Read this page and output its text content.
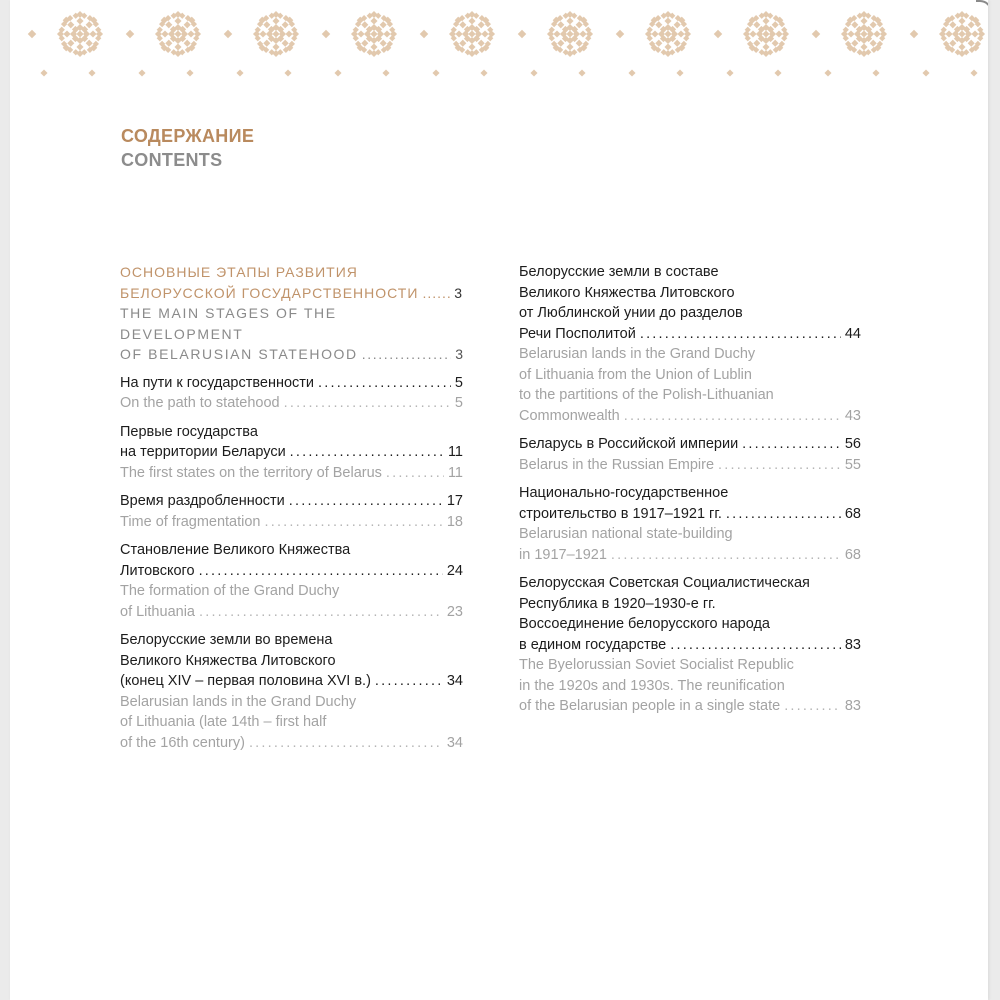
СОДЕРЖАНИЕ
CONTENTS
ОСНОВНЫЕ ЭТАПЫ РАЗВИТИЯ
БЕЛОРУССКОЙ ГОСУДАРСТВЕННОСТИ .....	3
THE MAIN STAGES OF THE DEVELOPMENT
OF BELARUSIAN STATEHOOD .....	3
На пути к государственности .....	5
On the path to statehood .....	5
Первые государства
на территории Беларуси .....	11
The first states on the territory of Belarus .....	11
Время раздробленности .....	17
Time of fragmentation .....	18
Становление Великого Княжества
Литовского .....	24
The formation of the Grand Duchy
of Lithuania .....	23
Белорусские земли во времена
Великого Княжества Литовского
(конец XIV – первая половина XVI в.) .....	34
Belarusian lands in the Grand Duchy
of Lithuania (late 14th – first half
of the 16th century) .....	34
Белорусские земли в составе
Великого Княжества Литовского
от Люблинской унии до разделов
Речи Посполитой .....	44
Belarusian lands in the Grand Duchy
of Lithuania from the Union of Lublin
to the partitions of the Polish-Lithuanian
Commonwealth .....	43
Беларусь в Российской империи .....	56
Belarus in the Russian Empire .....	55
Национально-государственное
строительство в 1917–1921 гг. .....	68
Belarusian national state-building
in 1917–1921 .....	68
Белорусская Советская Социалистическая
Республика в 1920–1930-е гг.
Воссоединение белорусского народа
в едином государстве .....	83
The Byelorussian Soviet Socialist Republic
in the 1920s and 1930s. The reunification
of the Belarusian people in a single state .....	83
